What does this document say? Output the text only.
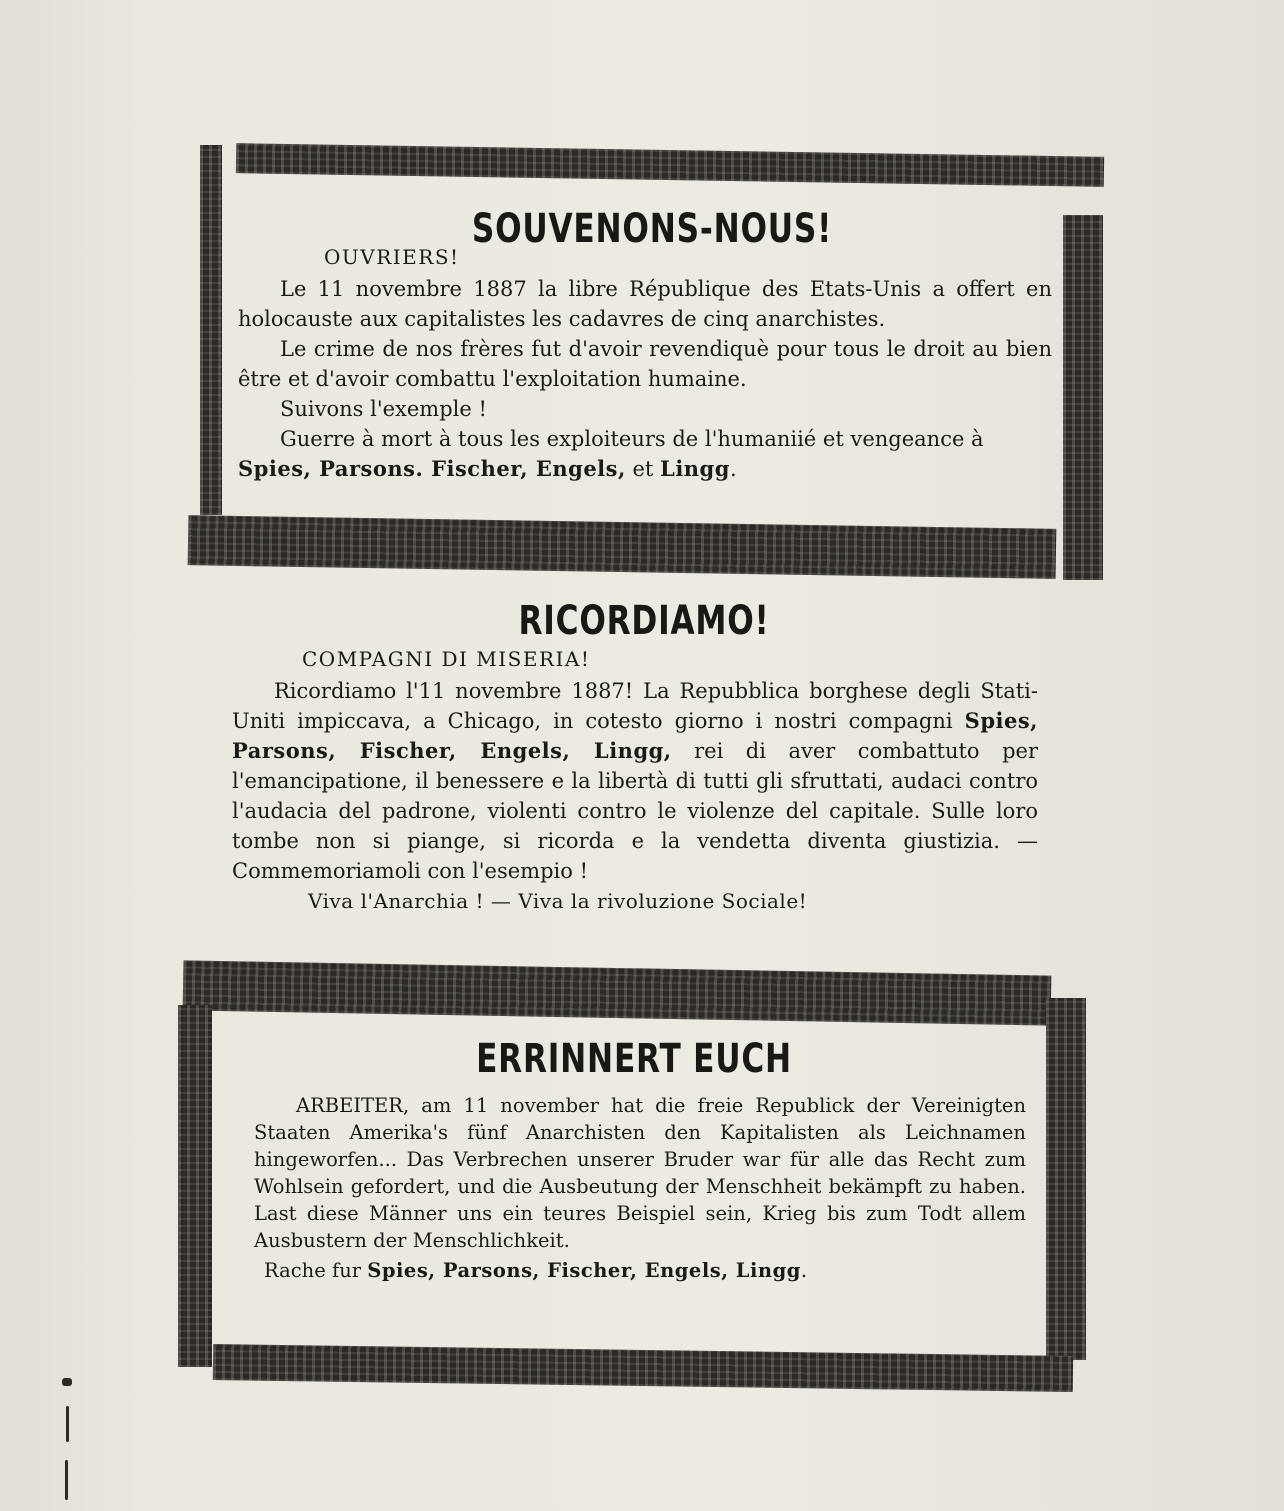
SOUVENONS-NOUS!
OUVRIERS!

Le 11 novembre 1887 la libre République des Etats-Unis a offert en holocauste aux capitalistes les cadavres de cinq anarchistes.

Le crime de nos frères fut d'avoir revendiquè pour tous le droit au bien être et d'avoir combattu l'exploitation humaine.

Suivons l'exemple !

Guerre à mort à tous les exploiteurs de l'humaniié et vengeance à

Spies, Parsons. Fischer, Engels, et Lingg.

RICORDIAMO!
COMPAGNI DI MISERIA!

Ricordiamo l'11 novembre 1887! La Repubblica borghese degli Stati-Uniti impiccava, a Chicago, in cotesto giorno i nostri compagni Spies, Parsons, Fischer, Engels, Lingg, rei di aver combattuto per l'emancipatione, il benessere e la libertà di tutti gli sfruttati, audaci contro l'audacia del padrone, violenti contro le violenze del capitale. Sulle loro tombe non si piange, si ricorda e la vendetta diventa giustizia. — Commemoriamoli con l'esempio !

Viva l'Anarchia ! — Viva la rivoluzione Sociale!

ERRINNERT EUCH

ARBEITER, am 11 november hat die freie Republick der Vereinigten Staaten Amerika's fünf Anarchisten den Kapitalisten als Leichnamen hingeworfen... Das Verbrechen unserer Bruder war für alle das Recht zum Wohlsein gefordert, und die Ausbeutung der Menschheit bekämpft zu haben. Last diese Männer uns ein teures Beispiel sein, Krieg bis zum Todt allem Ausbustern der Menschlichkeit.

Rache fur Spies, Parsons, Fischer, Engels, Lingg.
